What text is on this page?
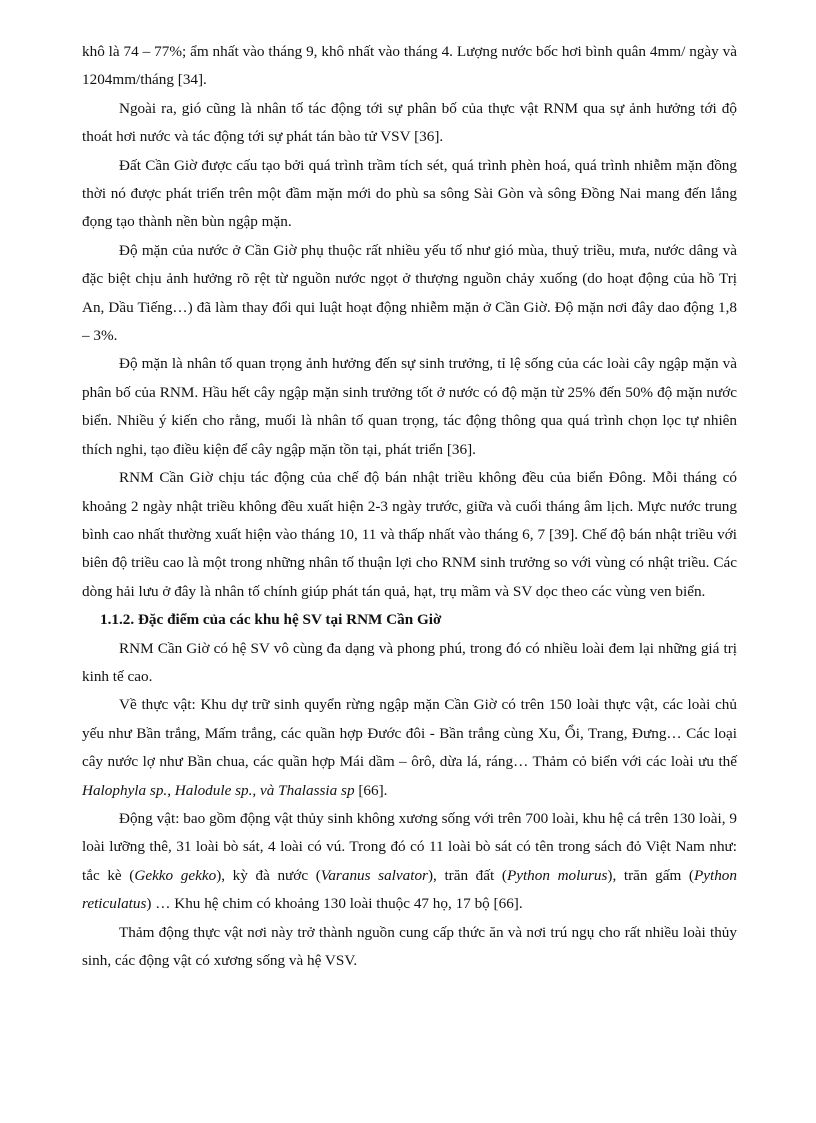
khô là 74 – 77%; ẩm nhất vào tháng 9, khô nhất vào tháng 4. Lượng nước bốc hơi bình quân 4mm/ ngày và 1204mm/tháng [34].

Ngoài ra, gió cũng là nhân tố tác động tới sự phân bố của thực vật RNM qua sự ảnh hưởng tới độ thoát hơi nước và tác động tới sự phát tán bào tử VSV [36].

Đất Cần Giờ được cấu tạo bởi quá trình trầm tích sét, quá trình phèn hoá, quá trình nhiễm mặn đồng thời nó được phát triển trên một đầm mặn mới do phù sa sông Sài Gòn và sông Đồng Nai mang đến lắng đọng tạo thành nền bùn ngập mặn.

Độ mặn của nước ở Cần Giờ phụ thuộc rất nhiều yếu tố như gió mùa, thuỷ triều, mưa, nước dâng và đặc biệt chịu ảnh hưởng rõ rệt từ nguồn nước ngọt ở thượng nguồn chảy xuống (do hoạt động của hồ Trị An, Dầu Tiếng…) đã làm thay đổi qui luật hoạt động nhiễm mặn ở Cần Giờ. Độ mặn nơi đây dao động 1,8 – 3%.

Độ mặn là nhân tố quan trọng ảnh hưởng đến sự sinh trưởng, tỉ lệ sống của các loài cây ngập mặn và phân bố của RNM. Hầu hết cây ngập mặn sinh trưởng tốt ở nước có độ mặn từ 25% đến 50% độ mặn nước biển. Nhiều ý kiến cho rằng, muối là nhân tố quan trọng, tác động thông qua quá trình chọn lọc tự nhiên thích nghi, tạo điều kiện để cây ngập mặn tồn tại, phát triển [36].

RNM Cần Giờ chịu tác động của chế độ bán nhật triều không đều của biển Đông. Mỗi tháng có khoảng 2 ngày nhật triều không đều xuất hiện 2-3 ngày trước, giữa và cuối tháng âm lịch. Mực nước trung bình cao nhất thường xuất hiện vào tháng 10, 11 và thấp nhất vào tháng 6, 7 [39]. Chế độ bán nhật triều với biên độ triều cao là một trong những nhân tố thuận lợi cho RNM sinh trưởng so với vùng có nhật triều. Các dòng hải lưu ở đây là nhân tố chính giúp phát tán quả, hạt, trụ mầm và SV dọc theo các vùng ven biển.

1.1.2. Đặc điểm của các khu hệ SV tại RNM Cần Giờ

RNM Cần Giờ có hệ SV vô cùng đa dạng và phong phú, trong đó có nhiều loài đem lại những giá trị kinh tế cao.

Về thực vật: Khu dự trữ sinh quyển rừng ngập mặn Cần Giờ có trên 150 loài thực vật, các loài chủ yếu như Bần trắng, Mấm trắng, các quần hợp Đước đôi - Bần trắng cùng Xu, Ổi, Trang, Đưng… Các loại cây nước lợ như Bần chua, các quần hợp Mái dầm – ôrô, dừa lá, ráng… Thảm cỏ biển với các loài ưu thế Halophyla sp., Halodule sp., và Thalassia sp [66].

Động vật: bao gồm động vật thủy sinh không xương sống với trên 700 loài, khu hệ cá trên 130 loài, 9 loài lưỡng thê, 31 loài bò sát, 4 loài có vú. Trong đó có 11 loài bò sát có tên trong sách đỏ Việt Nam như: tắc kè (Gekko gekko), kỳ đà nước (Varanus salvator), trăn đất (Python molurus), trăn gấm (Python reticulatus) … Khu hệ chim có khoảng 130 loài thuộc 47 họ, 17 bộ [66].

Thảm động thực vật nơi này trở thành nguồn cung cấp thức ăn và nơi trú ngụ cho rất nhiều loài thủy sinh, các động vật có xương sống và hệ VSV.
